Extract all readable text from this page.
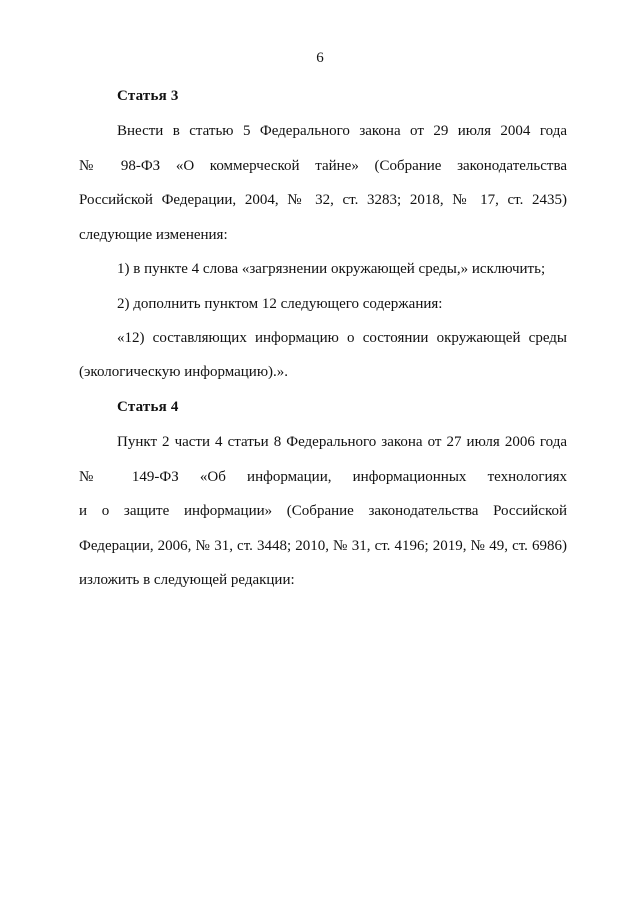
6
Статья 3
Внести в статью 5 Федерального закона от 29 июля 2004 года
№ 98-ФЗ «О коммерческой тайне» (Собрание законодательства
Российской Федерации, 2004, № 32, ст. 3283; 2018, № 17, ст. 2435)
следующие изменения:
1) в пункте 4 слова «загрязнении окружающей среды,» исключить;
2) дополнить пунктом 12 следующего содержания:
«12) составляющих информацию о состоянии окружающей среды
(экологическую информацию).».
Статья 4
Пункт 2 части 4 статьи 8 Федерального закона от 27 июля 2006 года
№ 149-ФЗ «Об информации, информационных технологиях
и о защите информации» (Собрание законодательства Российской
Федерации, 2006, № 31, ст. 3448; 2010, № 31, ст. 4196; 2019, № 49, ст. 6986)
изложить в следующей редакции:
